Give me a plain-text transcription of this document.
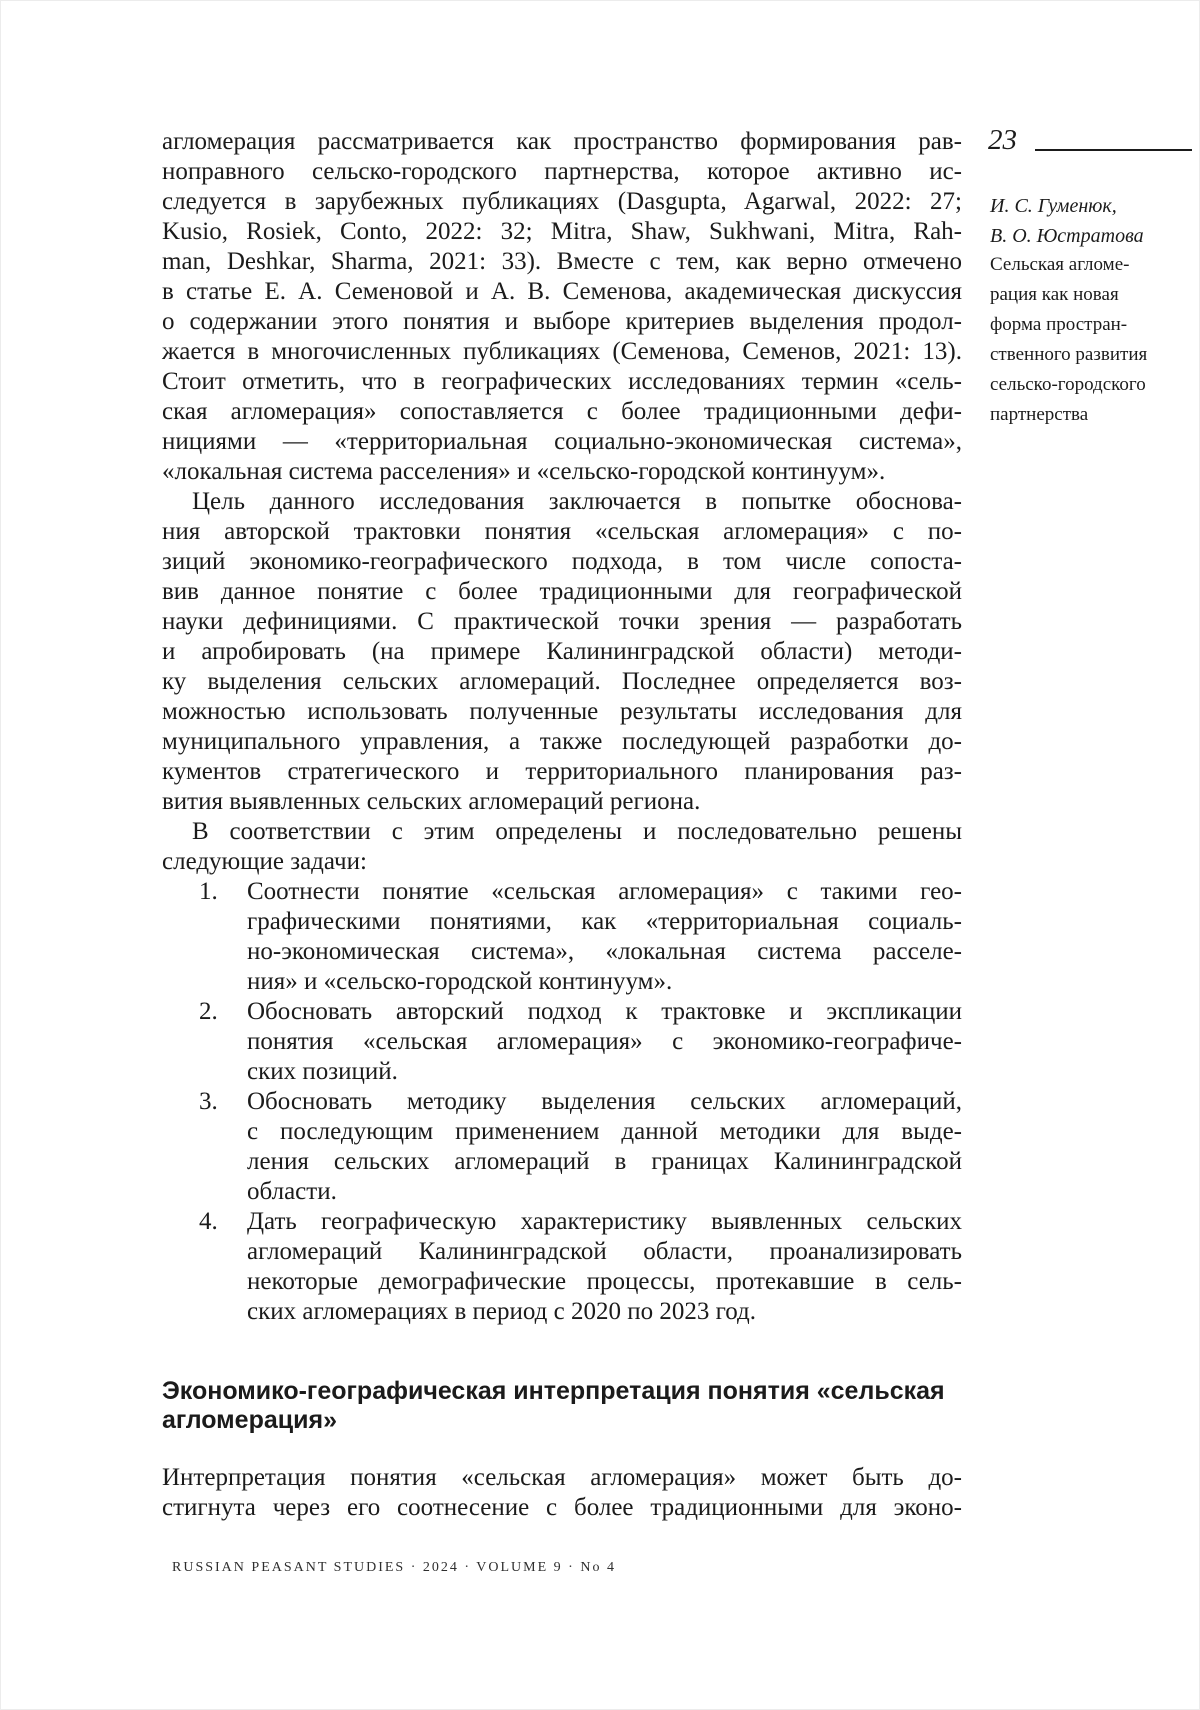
агломерация рассматривается как пространство формирования рав-
ноправного сельско-городского партнерства, которое активно ис-
следуется в зарубежных публикациях (Dasgupta, Agarwal, 2022: 27;
Kusio, Rosiek, Conto, 2022: 32; Mitra, Shaw, Sukhwani, Mitra, Rah-
man, Deshkar, Sharma, 2021: 33). Вместе с тем, как верно отмечено
в статье Е. А. Семеновой и А. В. Семенова, академическая дискуссия
о содержании этого понятия и выборе критериев выделения продол-
жается в многочисленных публикациях (Семенова, Семенов, 2021: 13).
Стоит отметить, что в географических исследованиях термин «сель-
ская агломерация» сопоставляется с более традиционными дефи-
нициями — «территориальная социально-экономическая система»,
«локальная система расселения» и «сельско-городской континуум».
Цель данного исследования заключается в попытке обоснова-
ния авторской трактовки понятия «сельская агломерация» с по-
зиций экономико-географического подхода, в том числе сопоста-
вив данное понятие с более традиционными для географической
науки дефинициями. С практической точки зрения — разработать
и апробировать (на примере Калининградской области) методи-
ку выделения сельских агломераций. Последнее определяется воз-
можностью использовать полученные результаты исследования для
муниципального управления, а также последующей разработки до-
кументов стратегического и территориального планирования раз-
вития выявленных сельских агломераций региона.
В соответствии с этим определены и последовательно решены
следующие задачи:
1. Соотнести понятие «сельская агломерация» с такими гео-
графическими понятиями, как «территориальная социаль-
но-экономическая система», «локальная система расселе-
ния» и «сельско-городской континуум».
2. Обосновать авторский подход к трактовке и экспликации
понятия «сельская агломерация» с экономико-географиче-
ских позиций.
3. Обосновать методику выделения сельских агломераций,
с последующим применением данной методики для выде-
ления сельских агломераций в границах Калининградской
области.
4. Дать географическую характеристику выявленных сельских
агломераций Калининградской области, проанализировать
некоторые демографические процессы, протекавшие в сель-
ских агломерациях в период с 2020 по 2023 год.
Экономико-географическая интерпретация понятия «сельская
агломерация»
Интерпретация понятия «сельская агломерация» может быть до-
стигнута через его соотнесение с более традиционными для эконо-
23
И. С. Гуменюк,
В. О. Юстратова
Сельская агломе-
рация как новая
форма простран-
ственного развития
сельско-городского
партнерства
RUSSIAN PEASANT STUDIES · 2024 · VOLUME 9 · No 4
